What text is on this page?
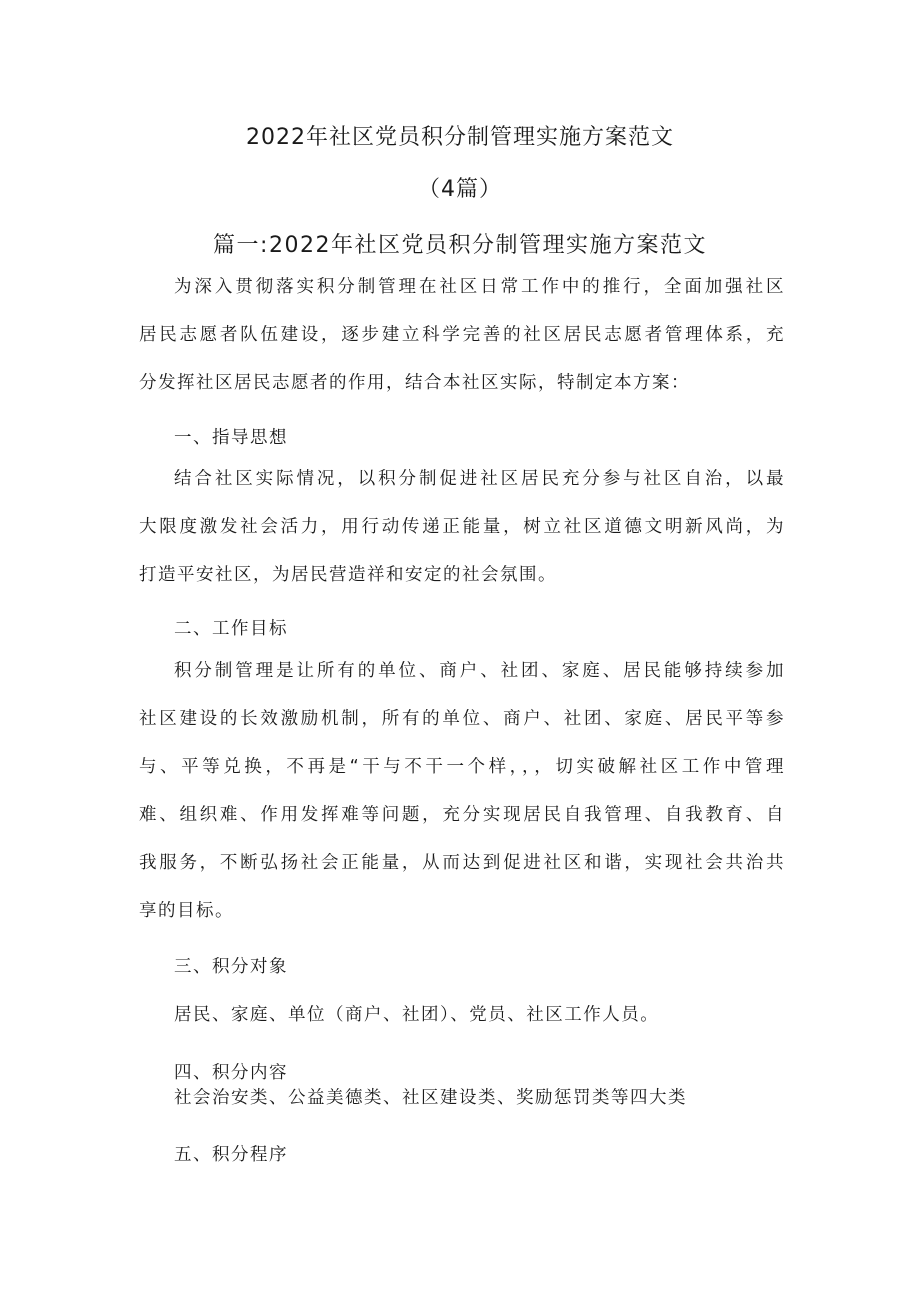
2022年社区党员积分制管理实施方案范文
（4篇）
篇一:2022年社区党员积分制管理实施方案范文
为深入贯彻落实积分制管理在社区日常工作中的推行，全面加强社区
居民志愿者队伍建设，逐步建立科学完善的社区居民志愿者管理体系，充
分发挥社区居民志愿者的作用，结合本社区实际，特制定本方案：
一、指导思想
结合社区实际情况，以积分制促进社区居民充分参与社区自治，以最
大限度激发社会活力，用行动传递正能量，树立社区道德文明新风尚，为
打造平安社区，为居民营造祥和安定的社会氛围。
二、工作目标
积分制管理是让所有的单位、商户、社团、家庭、居民能够持续参加
社区建设的长效激励机制，所有的单位、商户、社团、家庭、居民平等参
与、平等兑换，不再是“干与不干一个样，，，切实破解社区工作中管理
难、组织难、作用发挥难等问题，充分实现居民自我管理、自我教育、自
我服务，不断弘扬社会正能量，从而达到促进社区和谐，实现社会共治共
享的目标。
三、积分对象
居民、家庭、单位（商户、社团）、党员、社区工作人员。
四、积分内容
社会治安类、公益美德类、社区建设类、奖励惩罚类等四大类
五、积分程序
